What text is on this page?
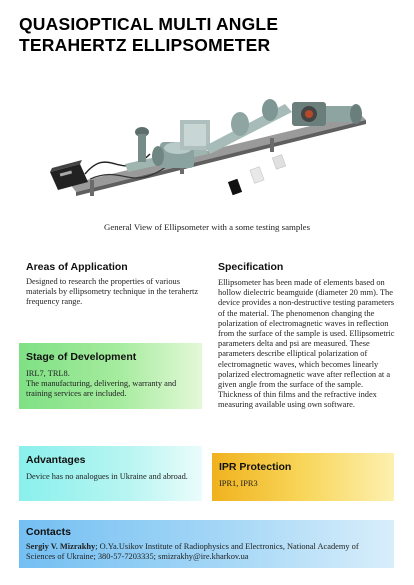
QUASIOPTICAL MULTI ANGLE
TERAHERTZ ELLIPSOMETER
General View of Ellipsometer with a some testing samples
Areas of Application

Designed to research the properties of various materials by ellipsometry technique in the terahertz frequency range.

Specification

Ellipsometer has been made of elements based on hollow dielectric beamguide (diameter 20 mm). The device provides a non-destructive testing parameters of the material. The phenomenon changing the polarization of electromagnetic waves in reflection from the surface of the sample is used. Ellipsometric parameters delta and psi are measured. These parameters describe elliptical polarization of electromagnetic waves, which becomes linearly polarized electromagnetic wave after reflection at a given angle from the surface of the sample. Thickness of thin films and the refractive index measuring available using own software.

Stage of Development

IRL7, TRL8.

The manufacturing, delivering, warranty and training services are included.

Advantages

Device has no analogues in Ukraine and abroad.

IPR Protection

IPR1, IPR3

Contacts

Sergiy V. Mizrakhy; O.Ya.Usikov Institute of Radiophysics and Electronics, National Academy of Sciences of Ukraine; 380-57-7203335; smizrakhy@ire.kharkov.ua
